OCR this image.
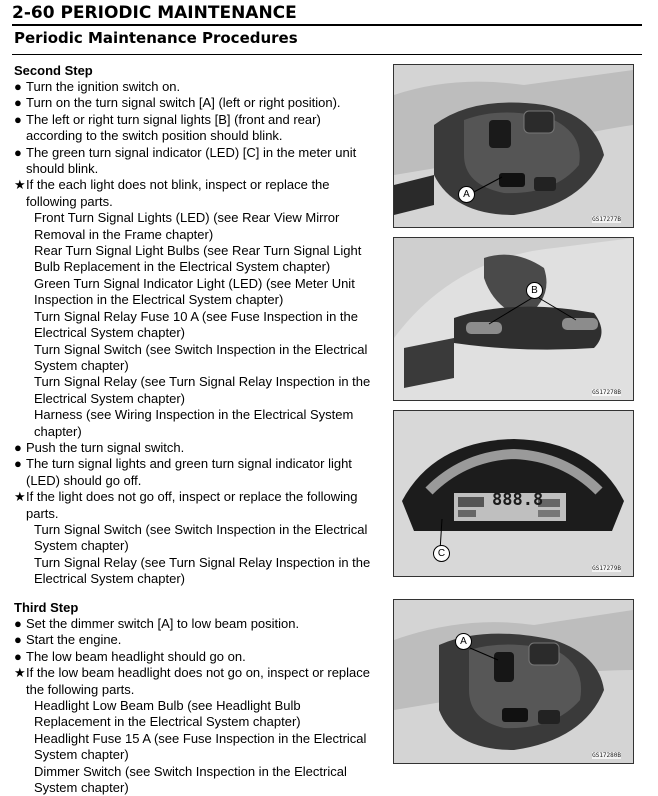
2-60 PERIODIC MAINTENANCE
Periodic Maintenance Procedures
Second Step
● Turn the ignition switch on.
● Turn on the turn signal switch [A] (left or right position).
● The left or right turn signal lights [B] (front and rear) according to the switch position should blink.
● The green turn signal indicator (LED) [C] in the meter unit should blink.
★ If the each light does not blink, inspect or replace the following parts.
Front Turn Signal Lights (LED) (see Rear View Mirror Removal in the Frame chapter)
Rear Turn Signal Light Bulbs (see Rear Turn Signal Light Bulb Replacement in the Electrical System chapter)
Green Turn Signal Indicator Light (LED) (see Meter Unit Inspection in the Electrical System chapter)
Turn Signal Relay Fuse 10 A (see Fuse Inspection in the Electrical System chapter)
Turn Signal Switch (see Switch Inspection in the Electrical System chapter)
Turn Signal Relay (see Turn Signal Relay Inspection in the Electrical System chapter)
Harness (see Wiring Inspection in the Electrical System chapter)
● Push the turn signal switch.
● The turn signal lights and green turn signal indicator light (LED) should go off.
★ If the light does not go off, inspect or replace the following parts.
Turn Signal Switch (see Switch Inspection in the Electrical System chapter)
Turn Signal Relay (see Turn Signal Relay Inspection in the Electrical System chapter)
Third Step
● Set the dimmer switch [A] to low beam position.
● Start the engine.
● The low beam headlight should go on.
★ If the low beam headlight does not go on, inspect or replace the following parts.
Headlight Low Beam Bulb (see Headlight Bulb Replacement in the Electrical System chapter)
Headlight Fuse 15 A (see Fuse Inspection in the Electrical System chapter)
Dimmer Switch (see Switch Inspection in the Electrical System chapter)
A
GS17277B
B
GS17278B
888.8
C
GS17279B
A
GS17280B
